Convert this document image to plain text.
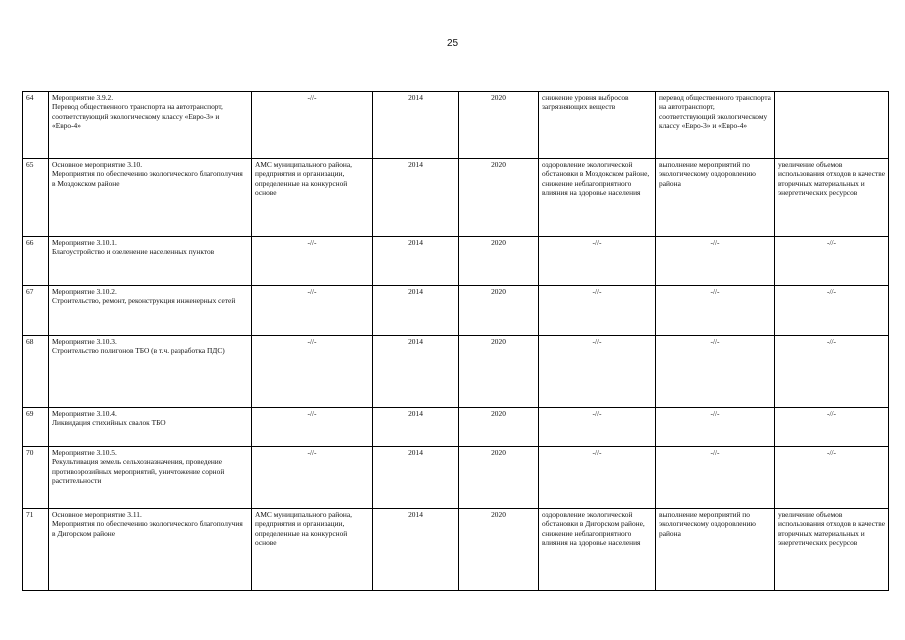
25
64	Мероприятие 3.9.2.
Перевод общественного транспорта на автотранспорт, соответствующий экологическому классу «Евро-3» и «Евро-4»	-//-	2014	2020	снижение уровня выбросов загрязняющих веществ	перевод общественного транспорта на автотранспорт, соответствующий экологическому классу «Евро-3» и «Евро-4»	
65	Основное мероприятие 3.10.
Мероприятия по обеспечению экологического благополучия в Моздокском районе	АМС муниципального района, предприятия и организации, определенные на конкурсной основе	2014	2020	оздоровление экологической обстановки в Моздокском районе, снижение неблагоприятного влияния на здоровье населения	выполнение мероприятий по экологическому оздоровлению района	увеличение объемов использования отходов в качестве вторичных материальных и энергетических ресурсов
66	Мероприятие 3.10.1.
Благоустройство и озеленение населенных пунктов	-//-	2014	2020	-//-	-//-	-//-
67	Мероприятие 3.10.2.
Строительство, ремонт, реконструкция инженерных сетей	-//-	2014	2020	-//-	-//-	-//-
68	Мероприятие 3.10.3.
Строительство полигонов ТБО (в т.ч. разработка ПДС)	-//-	2014	2020	-//-	-//-	-//-
69	Мероприятие 3.10.4.
Ликвидация стихийных свалок ТБО	-//-	2014	2020	-//-	-//-	-//-
70	Мероприятие 3.10.5.
Рекультивация земель сельхозназначения, проведение противоэрозийных мероприятий, уничтожение сорной растительности	-//-	2014	2020	-//-	-//-	-//-
71	Основное мероприятие 3.11.
Мероприятия по обеспечению экологического благополучия в Дигорском районе	АМС муниципального района, предприятия и организации, определенные на конкурсной основе	2014	2020	оздоровление экологической обстановки в Дигорском районе, снижение неблагоприятного влияния на здоровье населения	выполнение мероприятий по экологическому оздоровлению района	увеличение объемов использования отходов в качестве вторичных материальных и энергетических ресурсов
